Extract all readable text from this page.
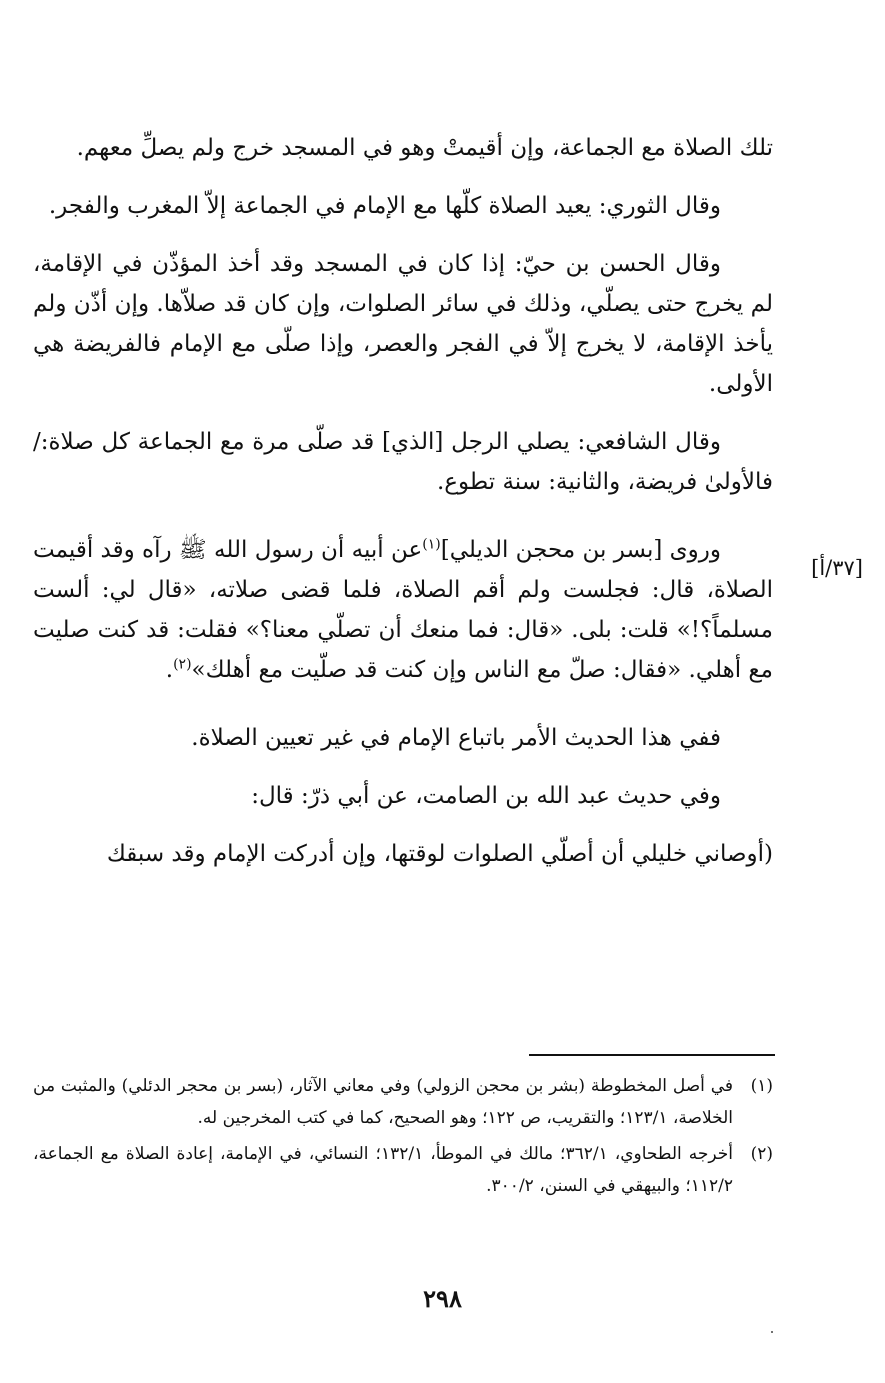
تلك الصلاة مع الجماعة، وإن أقيمتْ وهو في المسجد خرج ولم يصلِّ معهم.

وقال الثوري: يعيد الصلاة كلّها مع الإمام في الجماعة إلاّ المغرب والفجر.

وقال الحسن بن حيّ: إذا كان في المسجد وقد أخذ المؤذّن في الإقامة، لم يخرج حتى يصلّي، وذلك في سائر الصلوات، وإن كان قد صلاّها. وإن أذّن ولم يأخذ الإقامة، لا يخرج إلاّ في الفجر والعصر، وإذا صلّى مع الإمام فالفريضة هي الأولى.

وقال الشافعي: يصلي الرجل [الذي] قد صلّى مرة مع الجماعة كل صلاة:/ فالأولىٰ فريضة، والثانية: سنة تطوع.

وروى [بسر بن محجن الديلي]$^{(١)}$عن أبيه أن رسول الله ﷺ رآه وقد أقيمت الصلاة، قال: فجلست ولم أقم الصلاة، فلما قضى صلاته، «قال لي: ألست مسلماً؟!» قلت: بلى. «قال: فما منعك أن تصلّي معنا؟» فقلت: قد كنت صليت مع أهلي. «فقال: صلّ مع الناس وإن كنت قد صلّيت مع أهلك»$^{(٢)}$.

ففي هذا الحديث الأمر باتباع الإمام في غير تعيين الصلاة.

وفي حديث عبد الله بن الصامت، عن أبي ذرّ: قال:

(أوصاني خليلي أن أصلّي الصلوات لوقتها، وإن أدركت الإمام وقد سبقك

[٣٧/أ]
(١)
في أصل المخطوطة (بشر بن محجن الزولي) وفي معاني الآثار، (بسر بن محجر الدئلي) والمثبت من الخلاصة، ١٢٣/١؛ والتقريب، ص ١٢٢؛ وهو الصحيح، كما في كتب المخرجين له.
(٢)
أخرجه الطحاوي، ٣٦٢/١؛ مالك في الموطأ، ١٣٢/١؛ النسائي، في الإمامة، إعادة الصلاة مع الجماعة، ١١٢/٢؛ والبيهقي في السنن، ٣٠٠/٢.
٢٩٨
